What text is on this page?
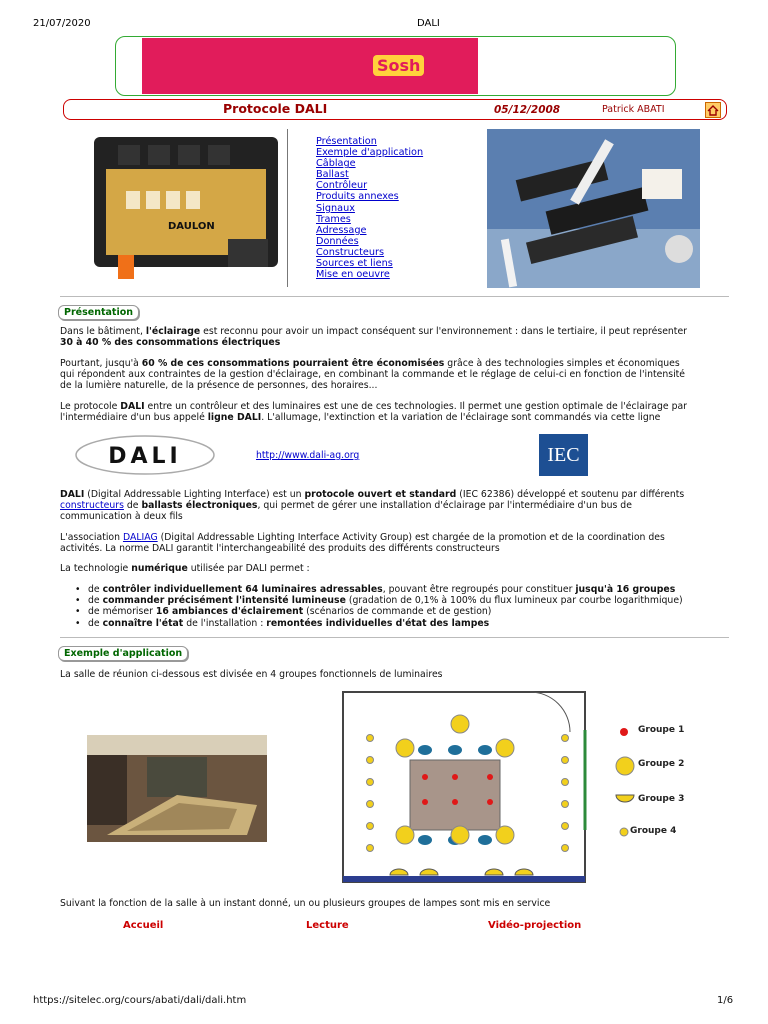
21/07/2020	DALI
Sosh
Protocole DALI	05/12/2008	Patrick ABATI
DAULON
Présentation
Exemple d'application
Câblage
Ballast
Contrôleur
Produits annexes
Signaux
Trames
Adressage
Données
Constructeurs
Sources et liens
Mise en oeuvre
Présentation

Dans le bâtiment, l'éclairage est reconnu pour avoir un impact conséquent sur l'environnement : dans le tertiaire, il peut représenter

30 à 40 % des consommations électriques

Pourtant, jusqu'à 60 % de ces consommations pourraient être économisées grâce à des technologies simples et économiques

qui répondent aux contraintes de la gestion d'éclairage, en combinant la commande et le réglage de celui-ci en fonction de l'intensité

de la lumière naturelle, de la présence de personnes, des horaires...

Le protocole DALI entre un contrôleur et des luminaires est une de ces technologies. Il permet une gestion optimale de l'éclairage par

l'intermédiaire d'un bus appelé ligne DALI. L'allumage, l'extinction et la variation de l'éclairage sont commandés via cette ligne

DALI	http://www.dali-ag.org	IEC

DALI (Digital Addressable Lighting Interface) est un protocole ouvert et standard (IEC 62386) développé et soutenu par différents

constructeurs de ballasts électroniques, qui permet de gérer une installation d'éclairage par l'intermédiaire d'un bus de

communication à deux fils

L'association DALIAG (Digital Addressable Lighting Interface Activity Group) est chargée de la promotion et de la coordination des

activités. La norme DALI garantit l'interchangeabilité des produits des différents constructeurs

La technologie numérique utilisée par DALI permet :

• de contrôler individuellement 64 luminaires adressables, pouvant être regroupés pour constituer jusqu'à 16 groupes
• de commander précisément l'intensité lumineuse (gradation de 0,1% à 100% du flux lumineux par courbe logarithmique)
• de mémoriser 16 ambiances d'éclairement (scénarios de commande et de gestion)
• de connaître l'état de l'installation : remontées individuelles d'état des lampes
Exemple d'application
La salle de réunion ci-dessous est divisée en 4 groupes fonctionnels de luminaires
Groupe 1
Groupe 2
Groupe 3
Groupe 4
Suivant la fonction de la salle à un instant donné, un ou plusieurs groupes de lampes sont mis en service
Accueil	Lecture	Vidéo-projection
https://sitelec.org/cours/abati/dali/dali.htm	1/6
